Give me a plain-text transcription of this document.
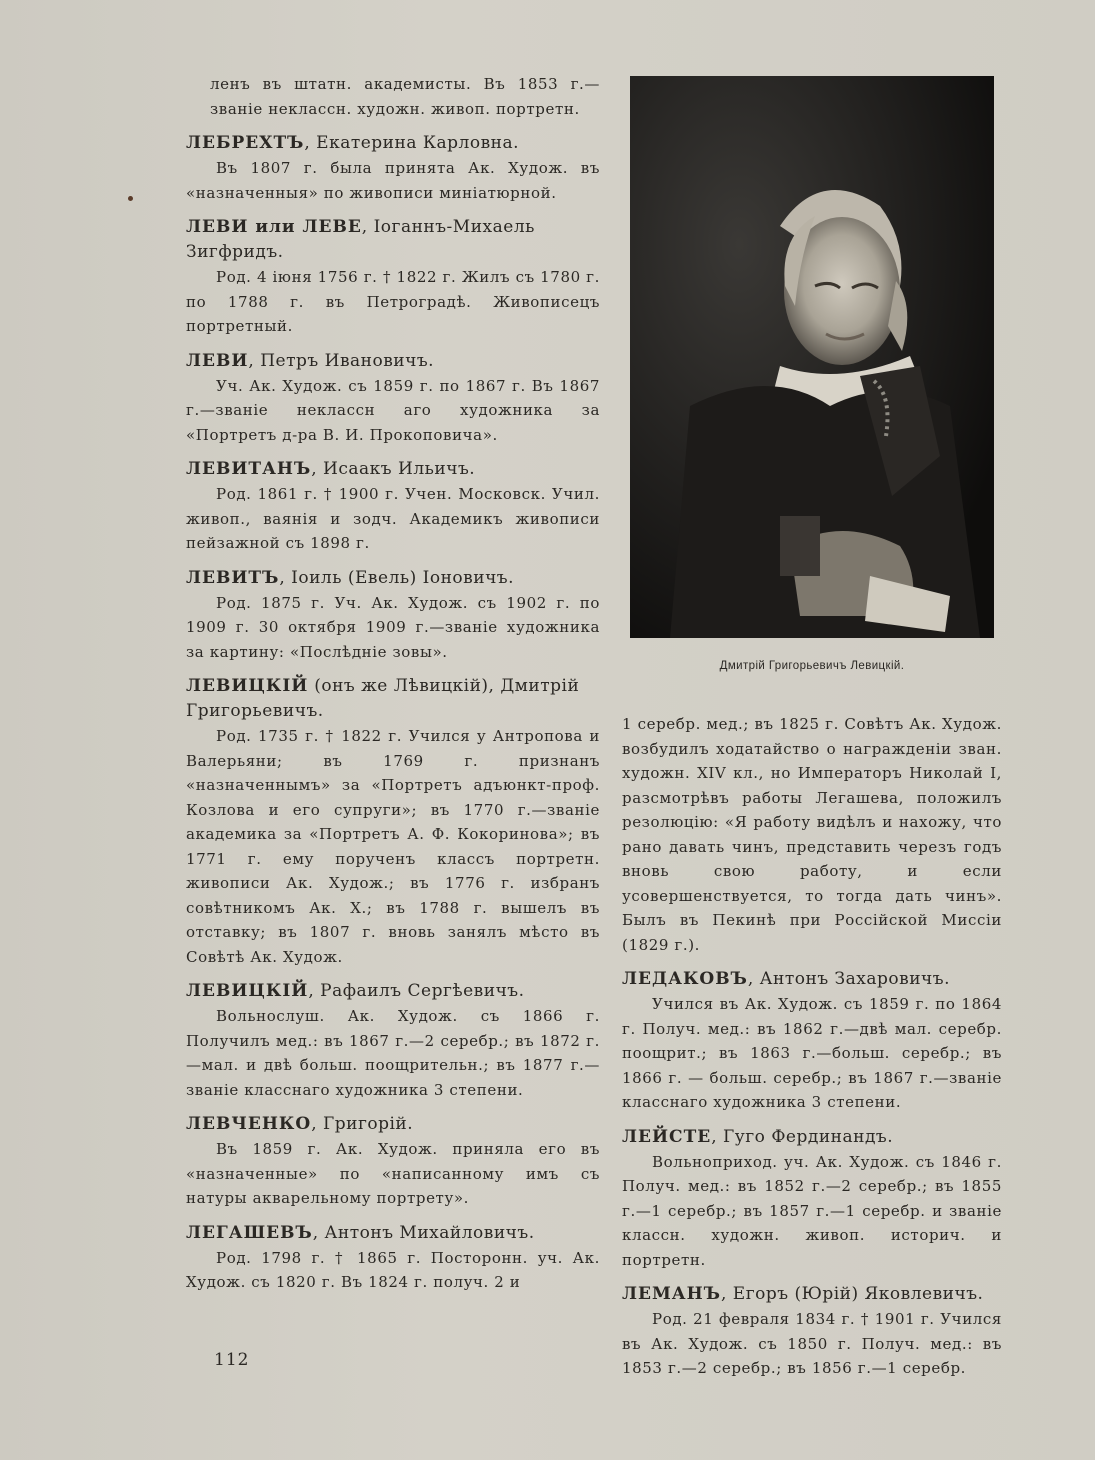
ленъ въ штатн. академисты. Въ 1853 г.—званіе неклассн. художн. живоп. портретн.
ЛЕБРЕХТЪ, Екатерина Карловна.
Въ 1807 г. была принята Ак. Худож. въ «назначенныя» по живописи миніатюрной.
ЛЕВИ или ЛЕВЕ, Іоганнъ-Михаель Зигфридъ.
Род. 4 іюня 1756 г. † 1822 г. Жилъ съ 1780 г. по 1788 г. въ Петроградѣ. Живописецъ портретный.
ЛЕВИ, Петръ Ивановичъ.
Уч. Ак. Худож. съ 1859 г. по 1867 г. Въ 1867 г.—званіе неклассн аго художника за «Портретъ д-ра В. И. Прокоповича».
ЛЕВИТАНЪ, Исаакъ Ильичъ.
Род. 1861 г. † 1900 г. Учен. Московск. Учил. живоп., ваянія и зодч. Академикъ живописи пейзажной съ 1898 г.
ЛЕВИТЪ, Іоиль (Евель) Іоновичъ.
Род. 1875 г. Уч. Ак. Худож. съ 1902 г. по 1909 г. 30 октября 1909 г.—званіе художника за картину: «Послѣдніе зовы».
ЛЕВИЦКІЙ (онъ же Лѣвицкій), Дмитрій Григорьевичъ.
Род. 1735 г. † 1822 г. Учился у Антропова и Валерьяни; въ 1769 г. признанъ «назначеннымъ» за «Портретъ адъюнкт-проф. Козлова и его супруги»; въ 1770 г.—званіе академика за «Портретъ А. Ф. Кокоринова»; въ 1771 г. ему порученъ классъ портретн. живописи Ак. Худож.; въ 1776 г. избранъ совѣтникомъ Ак. Х.; въ 1788 г. вышелъ въ отставку; въ 1807 г. вновь занялъ мѣсто въ Совѣтѣ Ак. Худож.
ЛЕВИЦКІЙ, Рафаилъ Сергѣевичъ.
Вольнослуш. Ак. Худож. съ 1866 г. Получилъ мед.: въ 1867 г.—2 серебр.; въ 1872 г.—мал. и двѣ больш. поощрительн.; въ 1877 г.—званіе класснаго художника 3 степени.
ЛЕВЧЕНКО, Григорій.
Въ 1859 г. Ак. Худож. приняла его въ «назначенные» по «написанному имъ съ натуры акварельному портрету».
ЛЕГАШЕВЪ, Антонъ Михайловичъ.
Род. 1798 г. † 1865 г. Посторонн. уч. Ак. Худож. съ 1820 г. Въ 1824 г. получ. 2 и
Дмитрій Григорьевичъ Левицкій.
1 серебр. мед.; въ 1825 г. Совѣтъ Ак. Худож. возбудилъ ходатайство о награжденіи зван. художн. XIV кл., но Императоръ Николай I, разсмотрѣвъ работы Легашева, положилъ резолюцію: «Я работу видѣлъ и нахожу, что рано давать чинъ, представить черезъ годъ вновь свою работу, и если усовершенствуется, то тогда дать чинъ». Былъ въ Пекинѣ при Россійской Миссіи (1829 г.).
ЛЕДАКОВЪ, Антонъ Захаровичъ.
Учился въ Ак. Худож. съ 1859 г. по 1864 г. Получ. мед.: въ 1862 г.—двѣ мал. серебр. поощрит.; въ 1863 г.—больш. серебр.; въ 1866 г. — больш. серебр.; въ 1867 г.—званіе класснаго художника 3 степени.
ЛЕЙСТЕ, Гуго Фердинандъ.
Вольноприход. уч. Ак. Худож. съ 1846 г. Получ. мед.: въ 1852 г.—2 серебр.; въ 1855 г.—1 серебр.; въ 1857 г.—1 серебр. и званіе классн. художн. живоп. историч. и портретн.
ЛЕМАНЪ, Егоръ (Юрій) Яковлевичъ.
Род. 21 февраля 1834 г. † 1901 г. Учился въ Ак. Худож. съ 1850 г. Получ. мед.: въ 1853 г.—2 серебр.; въ 1856 г.—1 серебр.
112
